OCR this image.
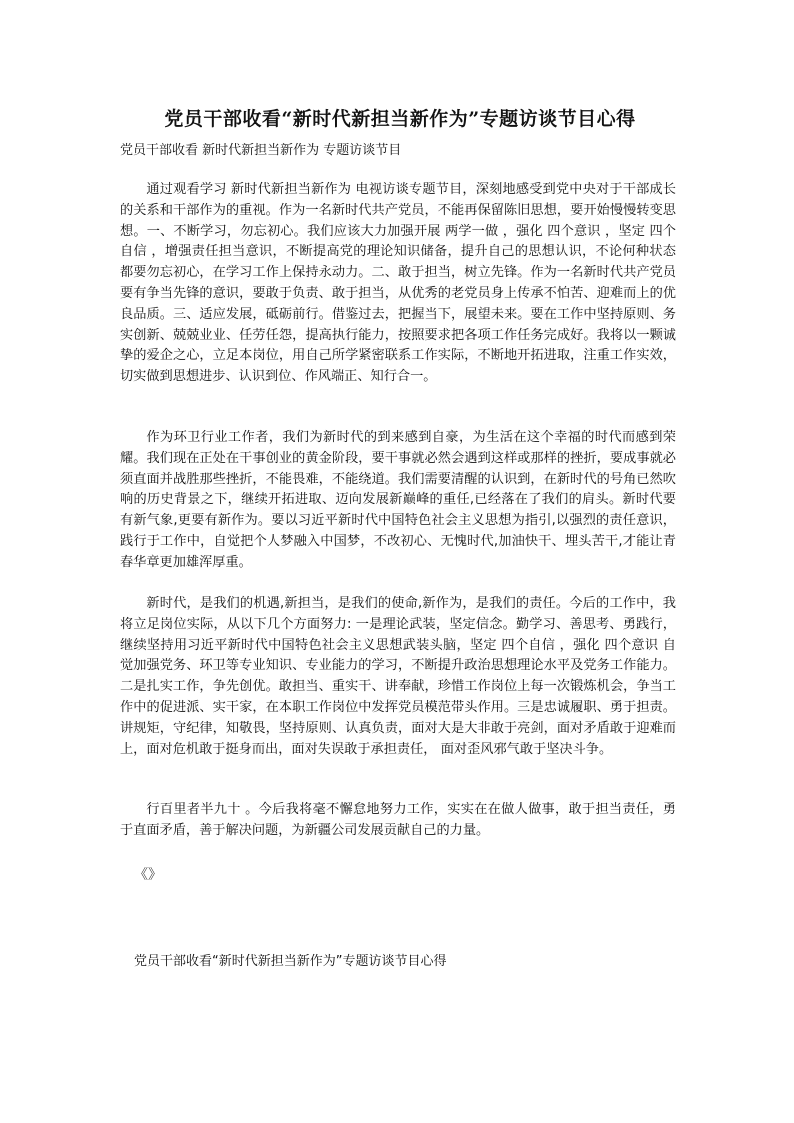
党员干部收看“新时代新担当新作为”专题访谈节目心得
党员干部收看 新时代新担当新作为 专题访谈节目

通过观看学习 新时代新担当新作为 电视访谈专题节目，深刻地感受到党中央对于干部成长的关系和干部作为的重视。作为一名新时代共产党员，不能再保留陈旧思想，要开始慢慢转变思想。一、不断学习，勿忘初心。我们应该大力加强开展 两学一做 ，强化 四个意识 ，坚定 四个自信 ，增强责任担当意识，不断提高党的理论知识储备，提升自己的思想认识，不论何种状态都要勿忘初心，在学习工作上保持永动力。二、敢于担当，树立先锋。作为一名新时代共产党员要有争当先锋的意识，要敢于负责、敢于担当，从优秀的老党员身上传承不怕苦、迎难而上的优良品质。三、适应发展，砥砺前行。借鉴过去，把握当下，展望未来。要在工作中坚持原则、务实创新、兢兢业业、任劳任怨，提高执行能力，按照要求把各项工作任务完成好。我将以一颗诚挚的爱企之心，立足本岗位，用自己所学紧密联系工作实际，不断地开拓进取，注重工作实效，切实做到思想进步、认识到位、作风端正、知行合一。

作为环卫行业工作者，我们为新时代的到来感到自豪，为生活在这个幸福的时代而感到荣耀。我们现在正处在干事创业的黄金阶段，要干事就必然会遇到这样或那样的挫折，要成事就必须直面并战胜那些挫折，不能畏难，不能绕道。我们需要清醒的认识到，在新时代的号角已然吹响的历史背景之下，继续开拓进取、迈向发展新巅峰的重任,已经落在了我们的肩头。新时代要有新气象,更要有新作为。要以习近平新时代中国特色社会主义思想为指引,以强烈的责任意识，践行于工作中，自觉把个人梦融入中国梦，不改初心、无愧时代,加油快干、埋头苦干,才能让青春华章更加雄浑厚重。

新时代，是我们的机遇,新担当，是我们的使命,新作为，是我们的责任。今后的工作中，我将立足岗位实际，从以下几个方面努力: 一是理论武装，坚定信念。勤学习、善思考、勇践行，继续坚持用习近平新时代中国特色社会主义思想武装头脑，坚定 四个自信 ，强化 四个意识 自觉加强党务、环卫等专业知识、专业能力的学习，不断提升政治思想理论水平及党务工作能力。二是扎实工作，争先创优。敢担当、重实干、讲奉献，珍惜工作岗位上每一次锻炼机会，争当工作中的促进派、实干家，在本职工作岗位中发挥党员模范带头作用。三是忠诚履职、勇于担责。讲规矩，守纪律，知敬畏，坚持原则、认真负责，面对大是大非敢于亮剑，面对矛盾敢于迎难而上，面对危机敢于挺身而出，面对失误敢于承担责任， 面对歪风邪气敢于坚决斗争。

行百里者半九十 。今后我将毫不懈怠地努力工作，实实在在做人做事，敢于担当责任，勇于直面矛盾，善于解决问题，为新疆公司发展贡献自己的力量。

《》
党员干部收看“新时代新担当新作为”专题访谈节目心得
